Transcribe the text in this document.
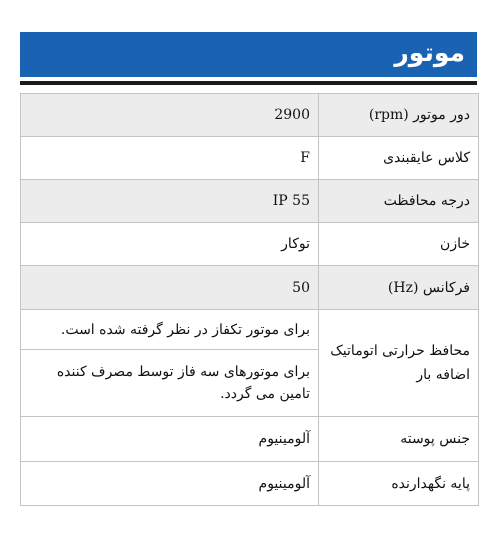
موتور
2900	دور موتور (rpm)
F	کلاس عایقبندی
IP 55	درجه محافظت
توکار	خازن
50	فرکانس (Hz)
برای موتور تکفاز در نظر گرفته شده است.	محافظ حرارتی اتوماتیک اضافه بار
برای موتورهای سه فاز توسط مصرف کننده تامین می گردد.	
آلومینیوم	جنس پوسته
آلومینیوم	پایه نگهدارنده
